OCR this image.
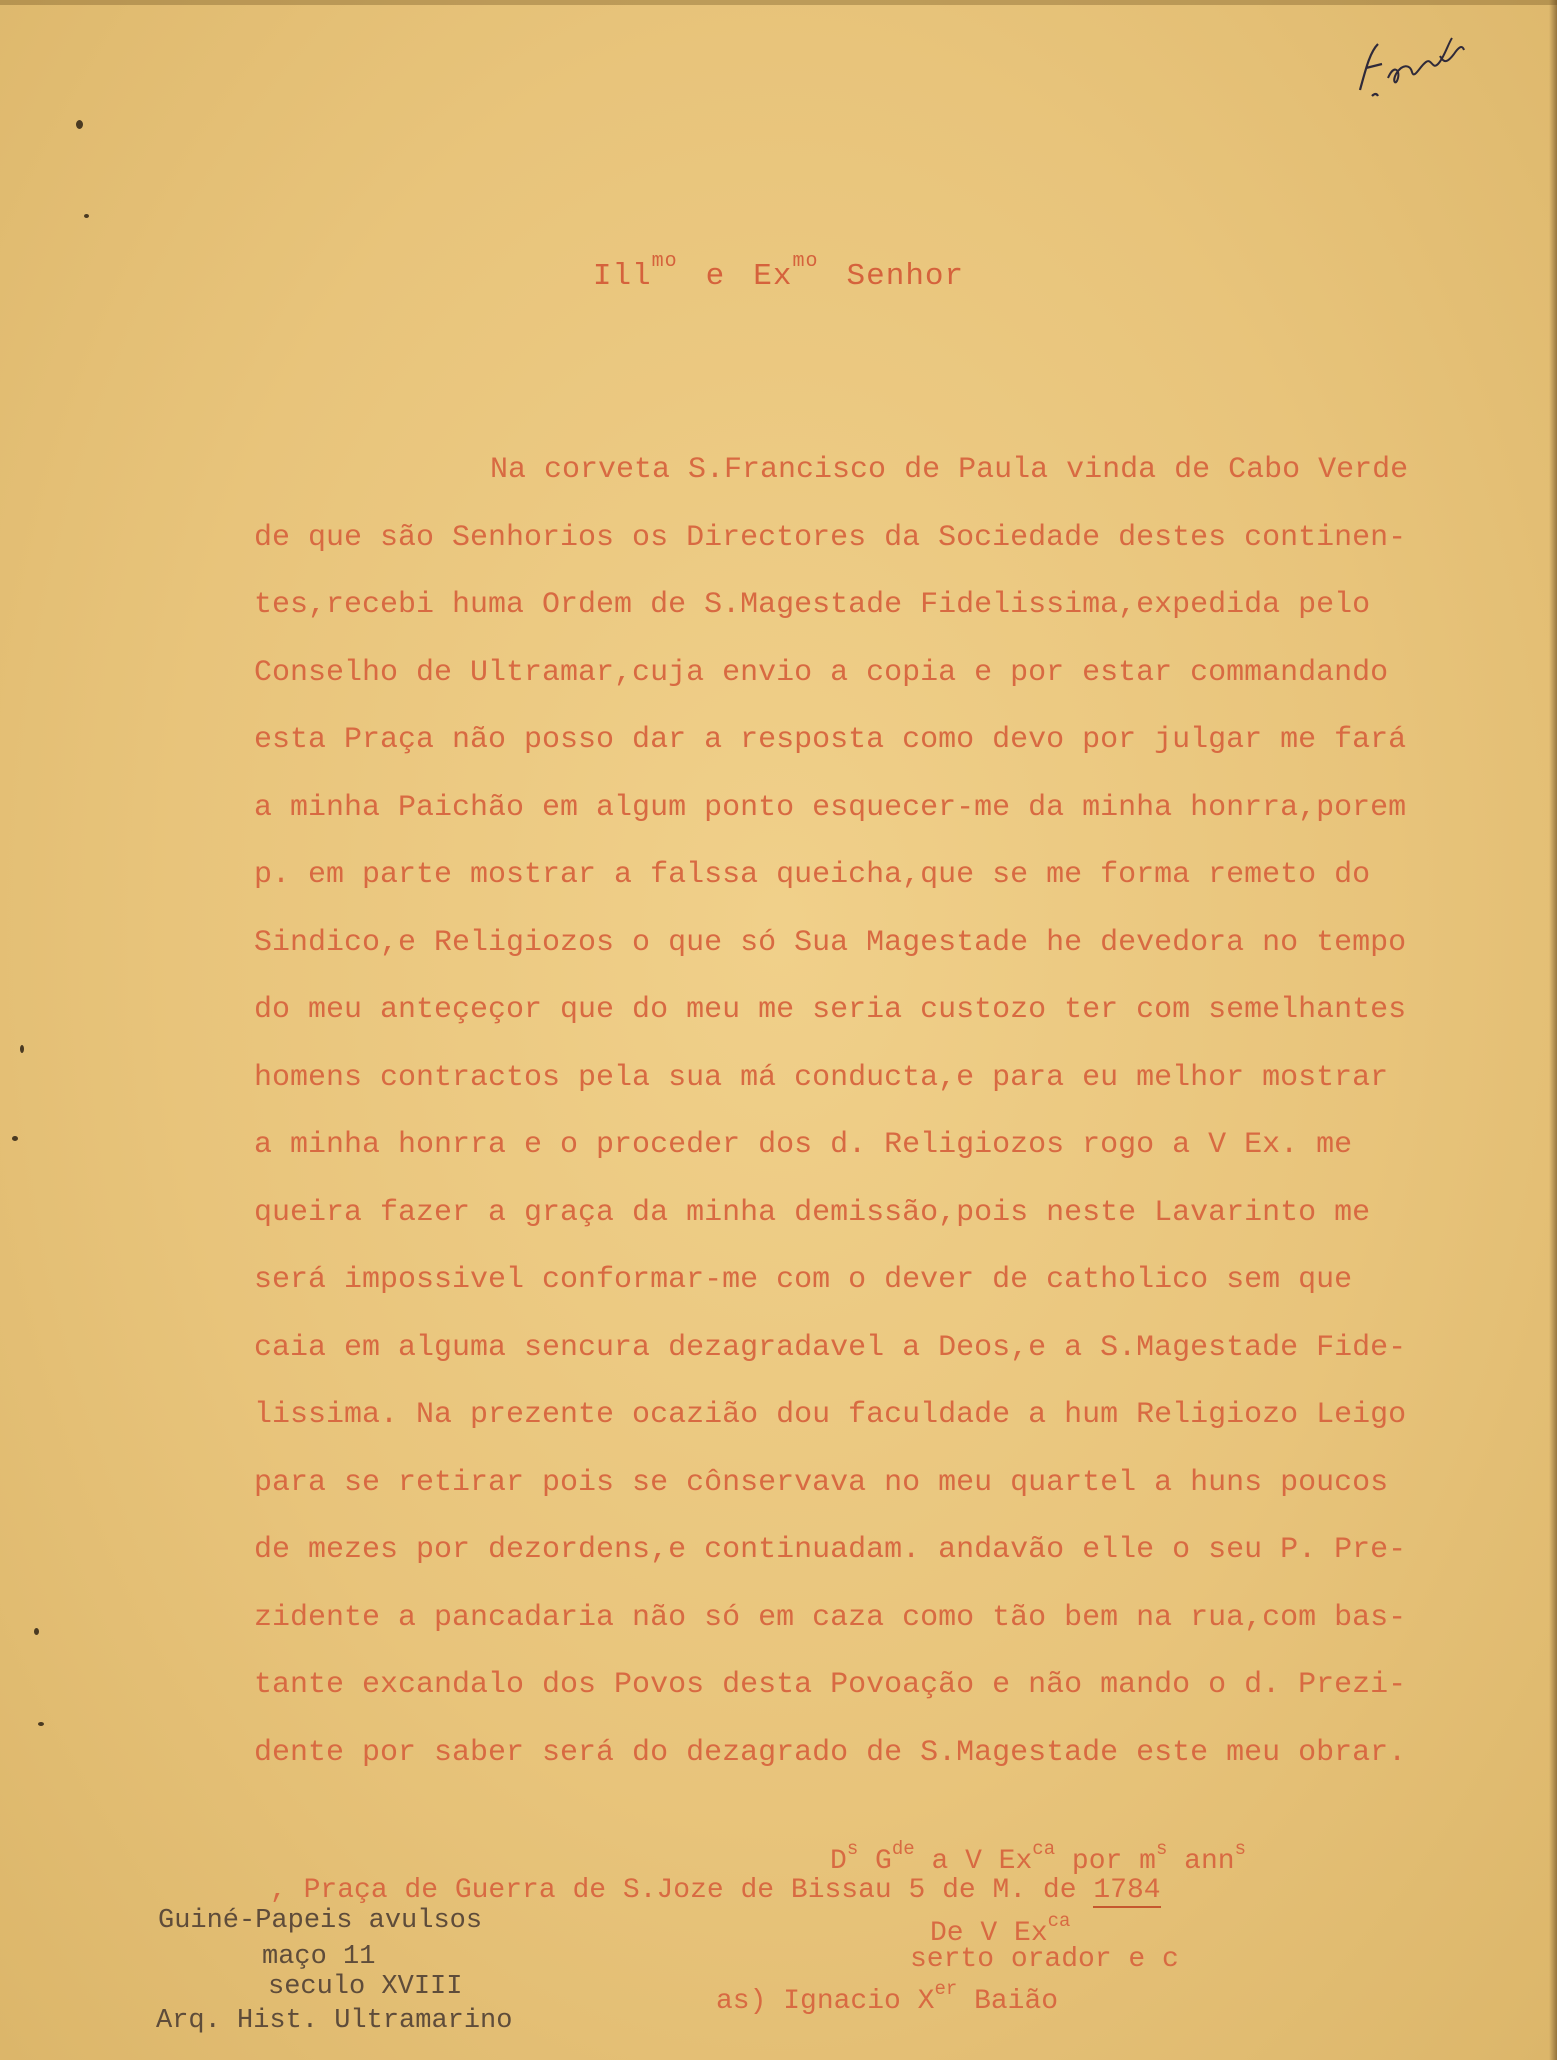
Ill$^{mo}$ e $Ex^{mo}$ Senhor
Na corveta S.Francisco de Paula vinda de Cabo Verde
de que são Senhorios os Directores da Sociedade destes continen-
tes,recebi huma Ordem de S.Magestade Fidelissima,expedida pelo
Conselho de Ultramar,cuja envio a copia e por estar commandando
esta Praça não posso dar a resposta como devo por julgar me fará
a minha Paichão em algum ponto esquecer-me da minha honrra,porem
p. em parte mostrar a falssa queicha,que se me forma remeto do
Sindico,e Religiozos o que só Sua Magestade he devedora no tempo
do meu anteçeçor que do meu me seria custozo ter com semelhantes
homens contractos pela sua má conducta,e para eu melhor mostrar
a minha honrra e o proceder dos d. Religiozos rogo a V Ex. me
queira fazer a graça da minha demissão,pois neste Lavarinto me
será impossivel conformar-me com o dever de catholico sem que
caia em alguma sencura dezagradavel a Deos,e a S.Magestade Fide-
lissima. Na prezente ocazião dou faculdade a hum Religiozo Leigo
para se retirar pois se cônservava no meu quartel a huns poucos
de mezes por dezordens,e continuadam. andavão elle o seu P. Pre-
zidente a pancadaria não só em caza como tão bem na rua,com bas-
tante excandalo dos Povos desta Povoação e não mando o d. Prezi-
dente por saber será do dezagrado de S.Magestade este meu obrar.
$D^s$ $G^{de}$ a V $Ex^{ca}$ por $m^s$ ann$^s$
, Praça de Guerra de S.Joze de Bissau 5 de M. de 1784
De V $Ex^{ca}$
serto orador e c
as) Ignacio Xer Baião
Guiné-Papeis avulsos
maço 11
seculo XVIII
Arq. Hist. Ultramarino
